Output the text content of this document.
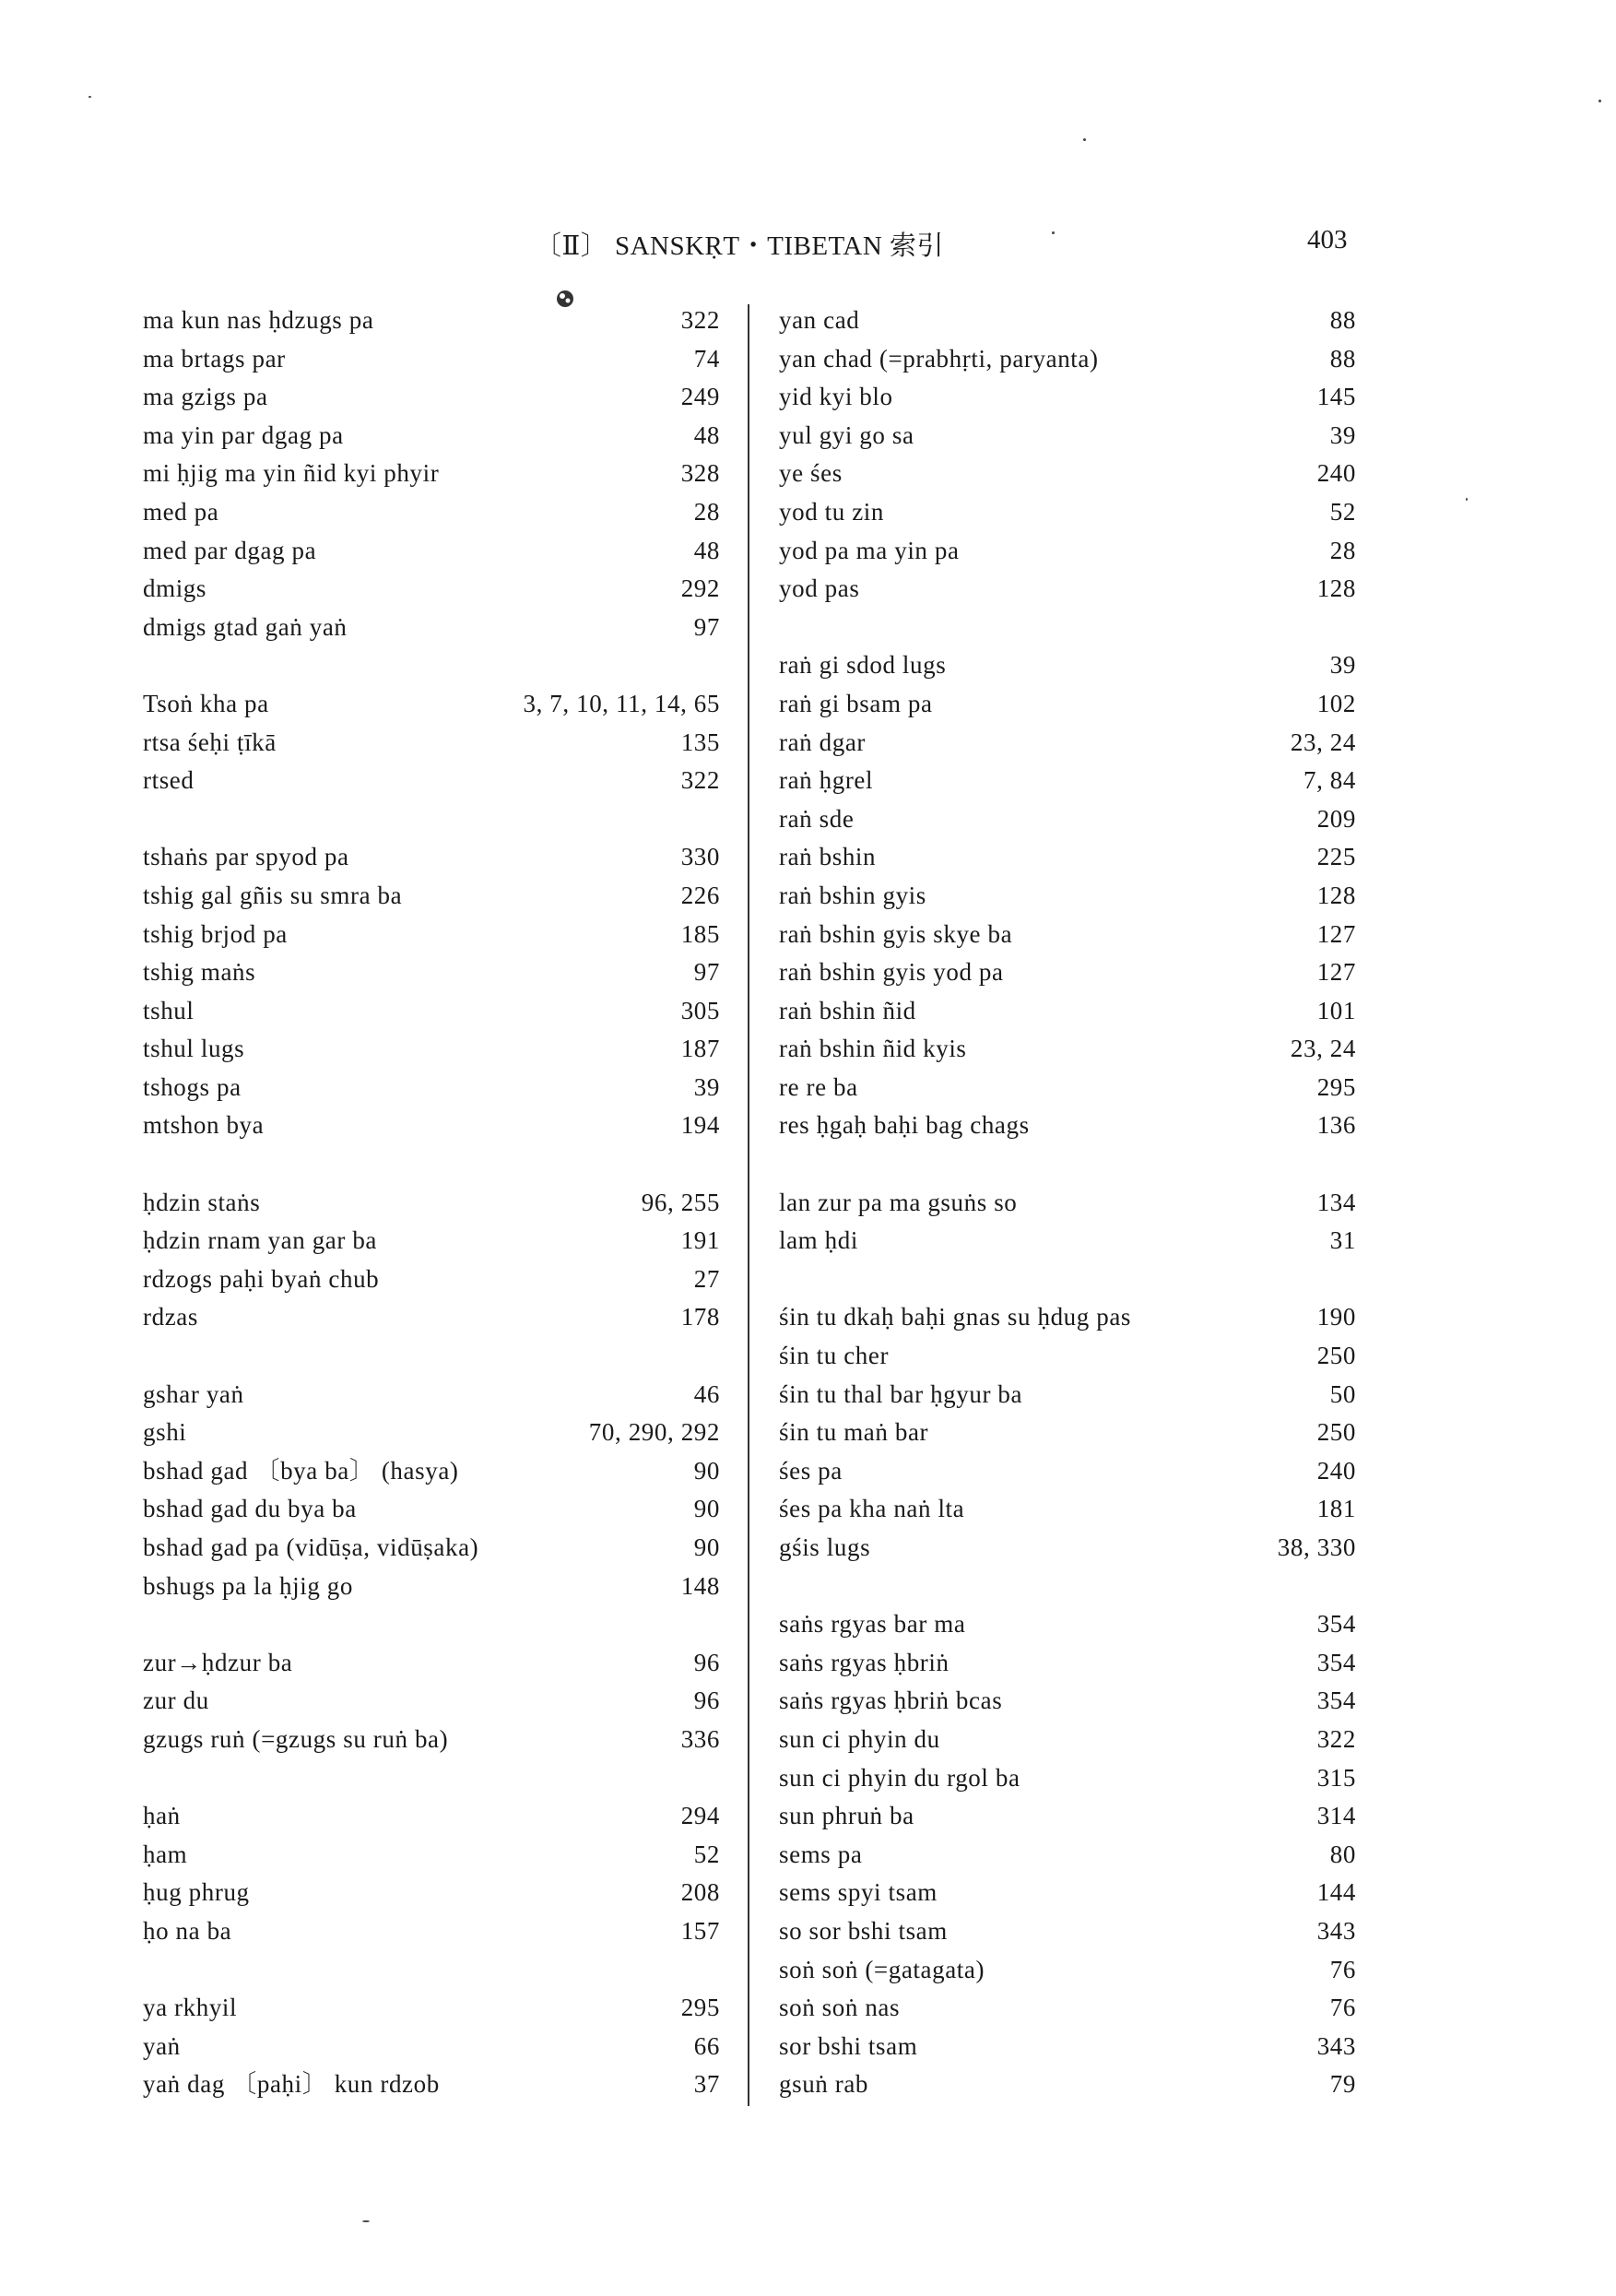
〔Ⅱ〕 SANSKṚT・TIBETAN 索引	403
ma kun nas ḥdzugs pa	322
ma brtags par	74
ma gzigs pa	249
ma yin par dgag pa	48
mi ḥjig ma yin ñid kyi phyir	328
med pa	28
med par dgag pa	48
dmigs	292
dmigs gtad gaṅ yaṅ	97
Tsoṅ kha pa	3, 7, 10, 11, 14, 65
rtsa śeḥi ṭīkā	135
rtsed	322
tshaṅs par spyod pa	330
tshig gal gñis su smra ba	226
tshig brjod pa	185
tshig maṅs	97
tshul	305
tshul lugs	187
tshogs pa	39
mtshon bya	194
ḥdzin staṅs	96, 255
ḥdzin rnam yan gar ba	191
rdzogs paḥi byaṅ chub	27
rdzas	178
gshar yaṅ	46
gshi	70, 290, 292
bshad gad 〔bya ba〕 (hasya)	90
bshad gad du bya ba	90
bshad gad pa (vidūṣa, vidūṣaka)	90
bshugs pa la ḥjig go	148
zur→ḥdzur ba	96
zur du	96
gzugs ruṅ (=gzugs su ruṅ ba)	336
ḥaṅ	294
ḥam	52
ḥug phrug	208
ḥo na ba	157
ya rkhyil	295
yaṅ	66
yaṅ dag 〔paḥi〕 kun rdzob	37
yan cad	88
yan chad (=prabhṛti, paryanta)	88
yid kyi blo	145
yul gyi go sa	39
ye śes	240
yod tu zin	52
yod pa ma yin pa	28
yod pas	128
raṅ gi sdod lugs	39
raṅ gi bsam pa	102
raṅ dgar	23, 24
raṅ ḥgrel	7, 84
raṅ sde	209
raṅ bshin	225
raṅ bshin gyis	128
raṅ bshin gyis skye ba	127
raṅ bshin gyis yod pa	127
raṅ bshin ñid	101
raṅ bshin ñid kyis	23, 24
re re ba	295
res ḥgaḥ baḥi bag chags	136
lan zur pa ma gsuṅs so	134
lam ḥdi	31
śin tu dkaḥ baḥi gnas su ḥdug pas	190
śin tu cher	250
śin tu thal bar ḥgyur ba	50
śin tu maṅ bar	250
śes pa	240
śes pa kha naṅ lta	181
gśis lugs	38, 330
saṅs rgyas bar ma	354
saṅs rgyas ḥbriṅ	354
saṅs rgyas ḥbriṅ bcas	354
sun ci phyin du	322
sun ci phyin du rgol ba	315
sun phruṅ ba	314
sems pa	80
sems spyi tsam	144
so sor bshi tsam	343
soṅ soṅ (=gatagata)	76
soṅ soṅ nas	76
sor bshi tsam	343
gsuṅ rab	79
